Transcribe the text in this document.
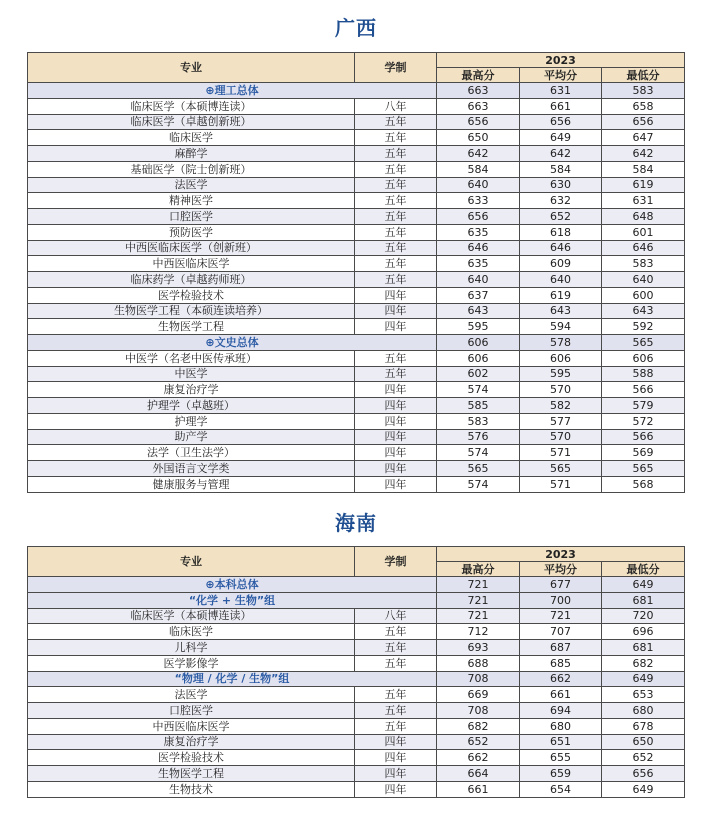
广西
专业	学制
2023
最高分	平均分	最低分
⊕理工总体	663	631	583
临床医学（本硕博连读）	八年	663	661	658
临床医学（卓越创新班）	五年	656	656	656
临床医学	五年	650	649	647
麻醉学	五年	642	642	642
基础医学（院士创新班）	五年	584	584	584
法医学	五年	640	630	619
精神医学	五年	633	632	631
口腔医学	五年	656	652	648
预防医学	五年	635	618	601
中西医临床医学（创新班）	五年	646	646	646
中西医临床医学	五年	635	609	583
临床药学（卓越药师班）	五年	640	640	640
医学检验技术	四年	637	619	600
生物医学工程（本硕连读培养）	四年	643	643	643
生物医学工程	四年	595	594	592
⊕文史总体	606	578	565
中医学（名老中医传承班）	五年	606	606	606
中医学	五年	602	595	588
康复治疗学	四年	574	570	566
护理学（卓越班）	四年	585	582	579
护理学	四年	583	577	572
助产学	四年	576	570	566
法学（卫生法学）	四年	574	571	569
外国语言文学类	四年	565	565	565
健康服务与管理	四年	574	571	568
海南
专业	学制
2023
最高分	平均分	最低分
⊕本科总体	721	677	649
“化学 + 生物”组	721	700	681
临床医学（本硕博连读）	八年	721	721	720
临床医学	五年	712	707	696
儿科学	五年	693	687	681
医学影像学	五年	688	685	682
“物理 / 化学 / 生物”组	708	662	649
法医学	五年	669	661	653
口腔医学	五年	708	694	680
中西医临床医学	五年	682	680	678
康复治疗学	四年	652	651	650
医学检验技术	四年	662	655	652
生物医学工程	四年	664	659	656
生物技术	四年	661	654	649
